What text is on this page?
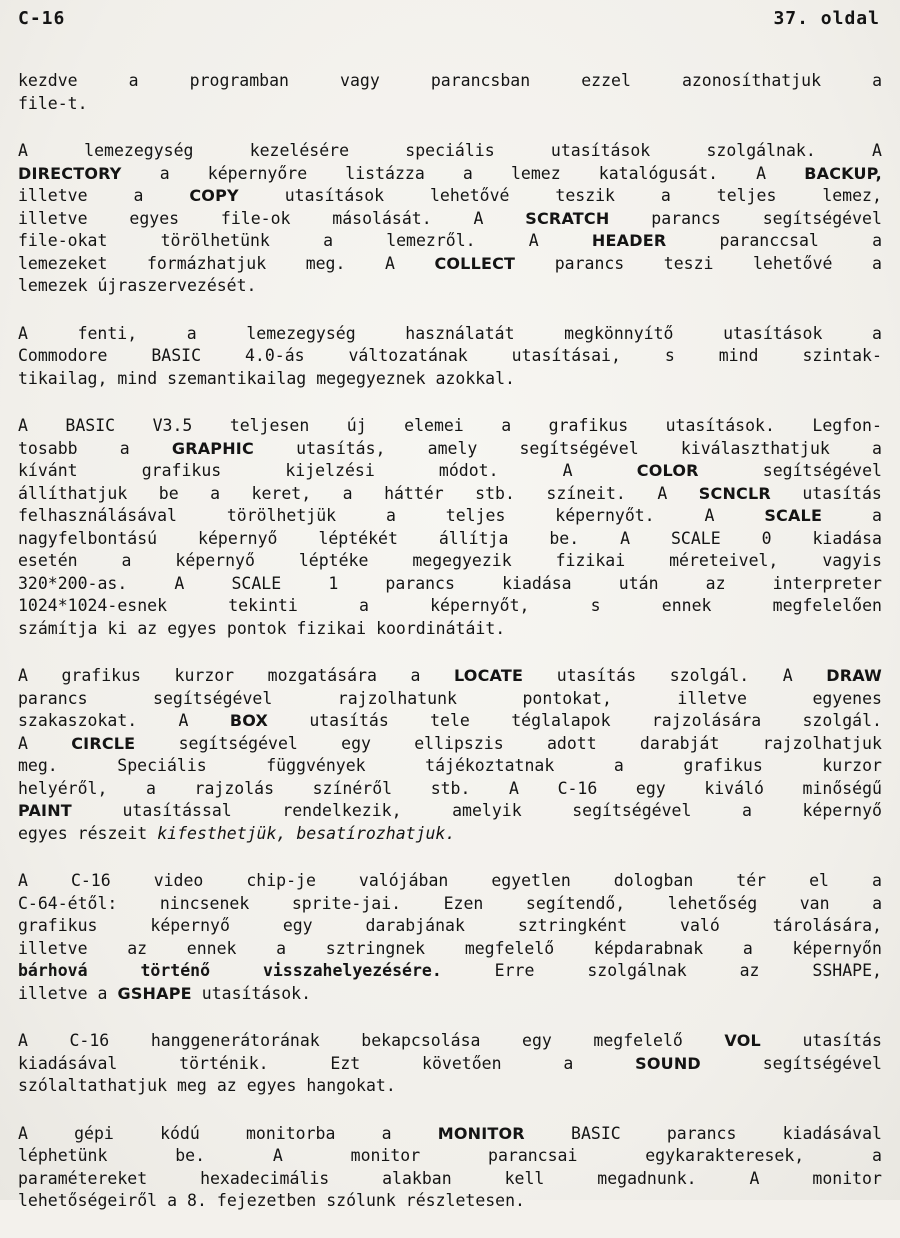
C-16	37. oldal
kezdve	a	programban	vagy	parancsban	ezzel	azonosíthatjuk	a
file-t.
A	lemezegység	kezelésére	speciális	utasítások	szolgálnak.	A
DIRECTORY a képernyőre listázza a lemez katalógusát. A BACKUP,
illetve	a	COPY	utasítások	lehetővé	teszik	a	teljes	lemez,
illetve	egyes	file-ok	másolását.	A	SCRATCH	parancs	segítségével
file-okat	törölhetünk	a	lemezről.	A	HEADER	paranccsal	a
lemezeket formázhatjuk meg. A COLLECT parancs teszi lehetővé a
lemezek újraszervezését.
A	fenti,	a	lemezegység	használatát	megkönnyítő	utasítások	a
Commodore	BASIC	4.0-ás	változatának	utasításai,	s	mind	szintak-
tikailag, mind szemantikailag megegyeznek azokkal.
A BASIC V3.5 teljesen új elemei a grafikus utasítások. Legfon-
tosabb	a	GRAPHIC	utasítás,	amely	segítségével	kiválaszthatjuk	a
kívánt	grafikus	kijelzési	módot.	A	COLOR	segítségével
állíthatjuk be a keret, a háttér stb. színeit. A SCNCLR utasítás
felhasználásával	törölhetjük	a	teljes	képernyőt.	A	SCALE	a
nagyfelbontású képernyő léptékét állítja be. A SCALE 0 kiadása
esetén	a	képernyő	léptéke	megegyezik	fizikai	méreteivel,	vagyis
320*200-as.	A	SCALE	1	parancs	kiadása	után	az	interpreter
1024*1024-esnek	tekinti	a	képernyőt,	s	ennek	megfelelően
számítja ki az egyes pontok fizikai koordinátáit.
A grafikus kurzor mozgatására a LOCATE utasítás szolgál. A DRAW
parancs	segítségével	rajzolhatunk	pontokat,	illetve	egyenes
szakaszokat.	A	BOX	utasítás	tele	téglalapok	rajzolására	szolgál.
A	CIRCLE	segítségével	egy	ellipszis	adott	darabját	rajzolhatjuk
meg.	Speciális	függvények	tájékoztatnak	a	grafikus	kurzor
helyéről, a rajzolás színéről stb. A C-16 egy kiváló minőségű
PAINT	utasítással	rendelkezik,	amelyik	segítségével	a	képernyő
egyes részeit kifesthetjük, besatírozhatjuk.
A	C-16	video	chip-je	valójában	egyetlen	dologban	tér	el	a
C-64-étől:	nincsenek	sprite-jai.	Ezen	segítendő,	lehetőség	van	a
grafikus	képernyő	egy	darabjának	sztringként	való	tárolására,
illetve az ennek a sztringnek megfelelő képdarabnak a képernyőn
bárhová	történő	visszahelyezésére.	Erre	szolgálnak	az	SSHAPE,
illetve a GSHAPE utasítások.
A	C-16	hanggenerátorának	bekapcsolása	egy	megfelelő	VOL	utasítás
kiadásával	történik.	Ezt	követően	a	SOUND	segítségével
szólaltathatjuk meg az egyes hangokat.
A	gépi	kódú	monitorba	a	MONITOR	BASIC	parancs	kiadásával
léphetünk	be.	A	monitor	parancsai	egykarakteresek,	a
paramétereket	hexadecimális	alakban	kell	megadnunk.	A	monitor
lehetőségeiről a 8. fejezetben szólunk részletesen.
